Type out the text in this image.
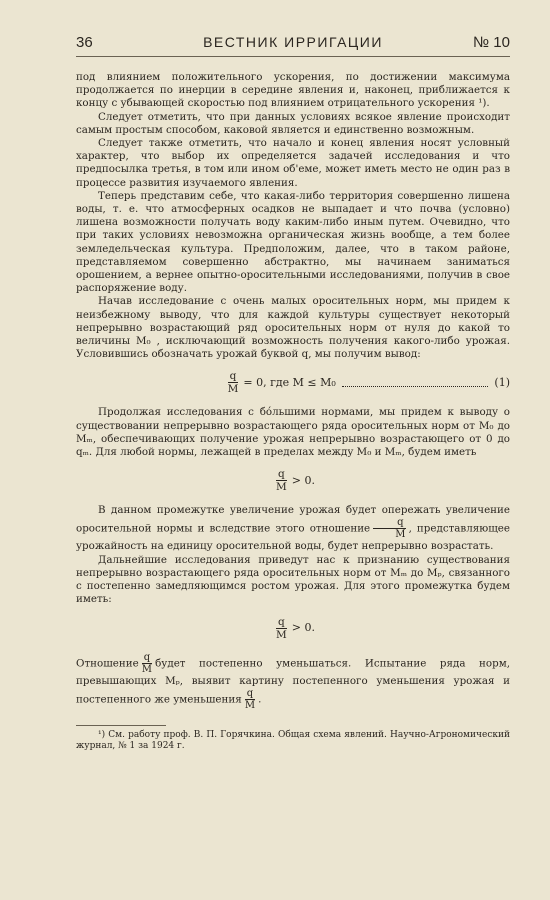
36	ВЕСТНИК ИРРИГАЦИИ	№ 10

под влиянием положительного ускорения, по достижении максимума продолжается по инерции в середине явления и, наконец, приближается к концу с убывающей скоростью под влиянием отрицательного ускорения ¹).

Следует отметить, что при данных условиях всякое явление происходит самым простым способом, каковой является и единственно возможным.

Следует также отметить, что начало и конец явления носят условный характер, что выбор их определяется задачей исследования и что предпосылка третья, в том или ином об'еме, может иметь место не один раз в процессе развития изучаемого явления.

Теперь представим себе, что какая-либо территория совершенно лишена воды, т. е. что атмосферных осадков не выпадает и что почва (условно) лишена возможности получать воду каким-либо иным путем. Очевидно, что при таких условиях невозможна органическая жизнь вообще, а тем более земледельческая культура. Предположим, далее, что в таком районе, представляемом совершенно абстрактно, мы начинаем заниматься орошением, а вернее опытно-оросительными исследованиями, получив в свое распоряжение воду.

Начав исследование с очень малых оросительных норм, мы придем к неизбежному выводу, что для каждой культуры существует некоторый непрерывно возрастающий ряд оросительных норм от нуля до какой то величины M₀ , исключающий возможность получения какого-либо урожая. Условившись обозначать урожай буквой q, мы получим вывод:

$\frac{q}{M} = 0$, где M ≤ M₀	(1)

Продолжая исследования с бо́льшими нормами, мы придем к выводу о существовании непрерывно возрастающего ряда оросительных норм от M₀ до Mₘ, обеспечивающих получение урожая непрерывно возрастающего от 0 до qₘ. Для любой нормы, лежащей в пределах между M₀ и Mₘ, будем иметь

$\frac{q}{M} > 0$.

В данном промежутке увеличение урожая будет опережать увеличение оросительной нормы и вследствие этого отношение $\frac{q}{M}$ , представляющее урожайность на единицу оросительной воды, будет непрерывно возрастать.

Дальнейшие исследования приведут нас к признанию существования непрерывно возрастающего ряда оросительных норм от Mₘ до Mₚ, связанного с постепенно замедляющимся ростом урожая. Для этого промежутка будем иметь:

$\frac{q}{M} > 0$.

Отношение $\frac{q}{M}$ будет постепенно уменьшаться. Испытание ряда норм, превышающих Mₚ, выявит картину постепенного уменьшения урожая и постепенного же уменьшения $\frac{q}{M}$ .

¹) См. работу проф. В. П. Горячкина. Общая схема явлений. Научно-Агрономический журнал, № 1 за 1924 г.
